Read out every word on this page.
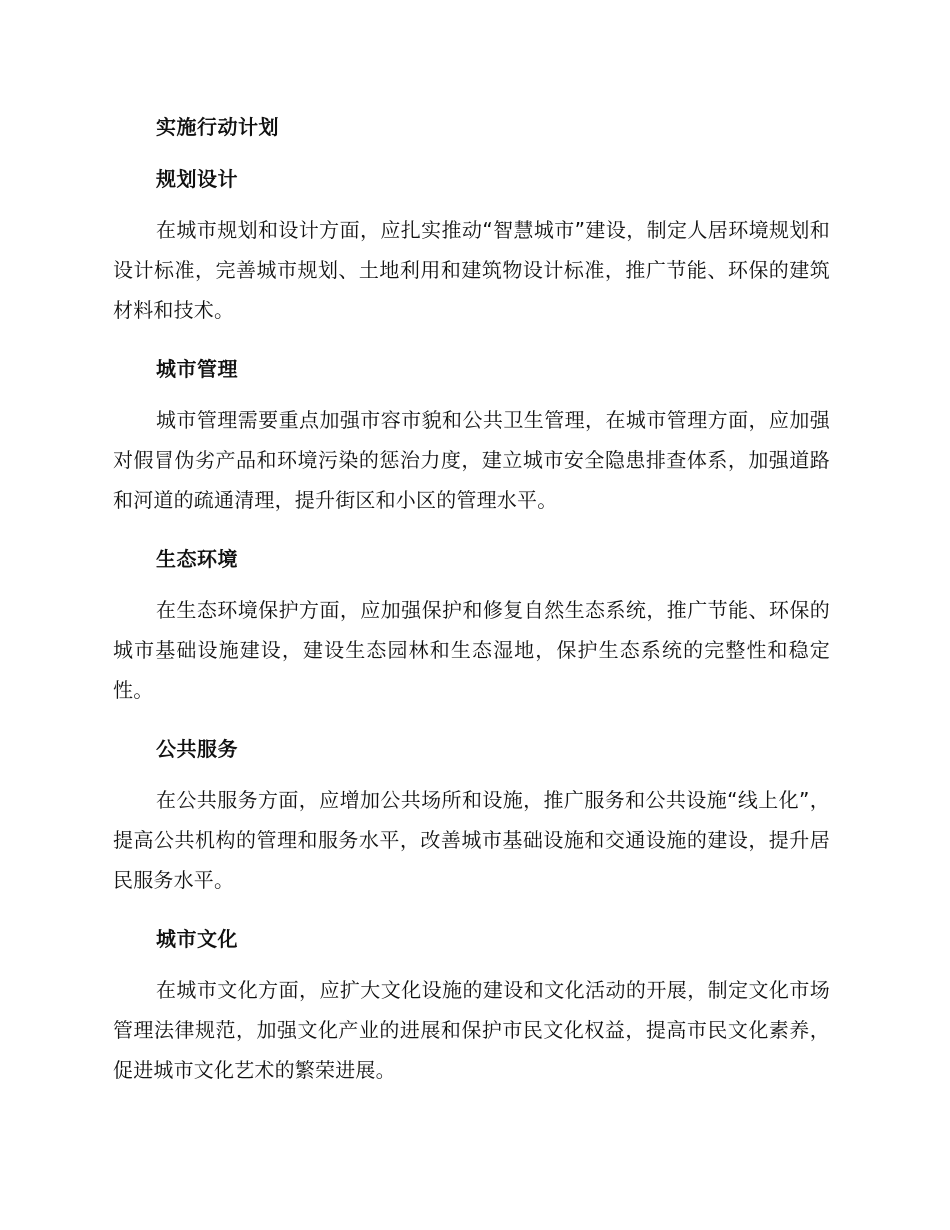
实施行动计划
规划设计

在城市规划和设计方面，应扎实推动“智慧城市”建设，制定人居环境规划和设计标准，完善城市规划、土地利用和建筑物设计标准，推广节能、环保的建筑材料和技术。

城市管理

城市管理需要重点加强市容市貌和公共卫生管理，在城市管理方面，应加强对假冒伪劣产品和环境污染的惩治力度，建立城市安全隐患排查体系，加强道路和河道的疏通清理，提升街区和小区的管理水平。

生态环境

在生态环境保护方面，应加强保护和修复自然生态系统，推广节能、环保的城市基础设施建设，建设生态园林和生态湿地，保护生态系统的完整性和稳定性。

公共服务

在公共服务方面，应增加公共场所和设施，推广服务和公共设施“线上化”，提高公共机构的管理和服务水平，改善城市基础设施和交通设施的建设，提升居民服务水平。

城市文化

在城市文化方面，应扩大文化设施的建设和文化活动的开展，制定文化市场管理法律规范，加强文化产业的进展和保护市民文化权益，提高市民文化素养，促进城市文化艺术的繁荣进展。
